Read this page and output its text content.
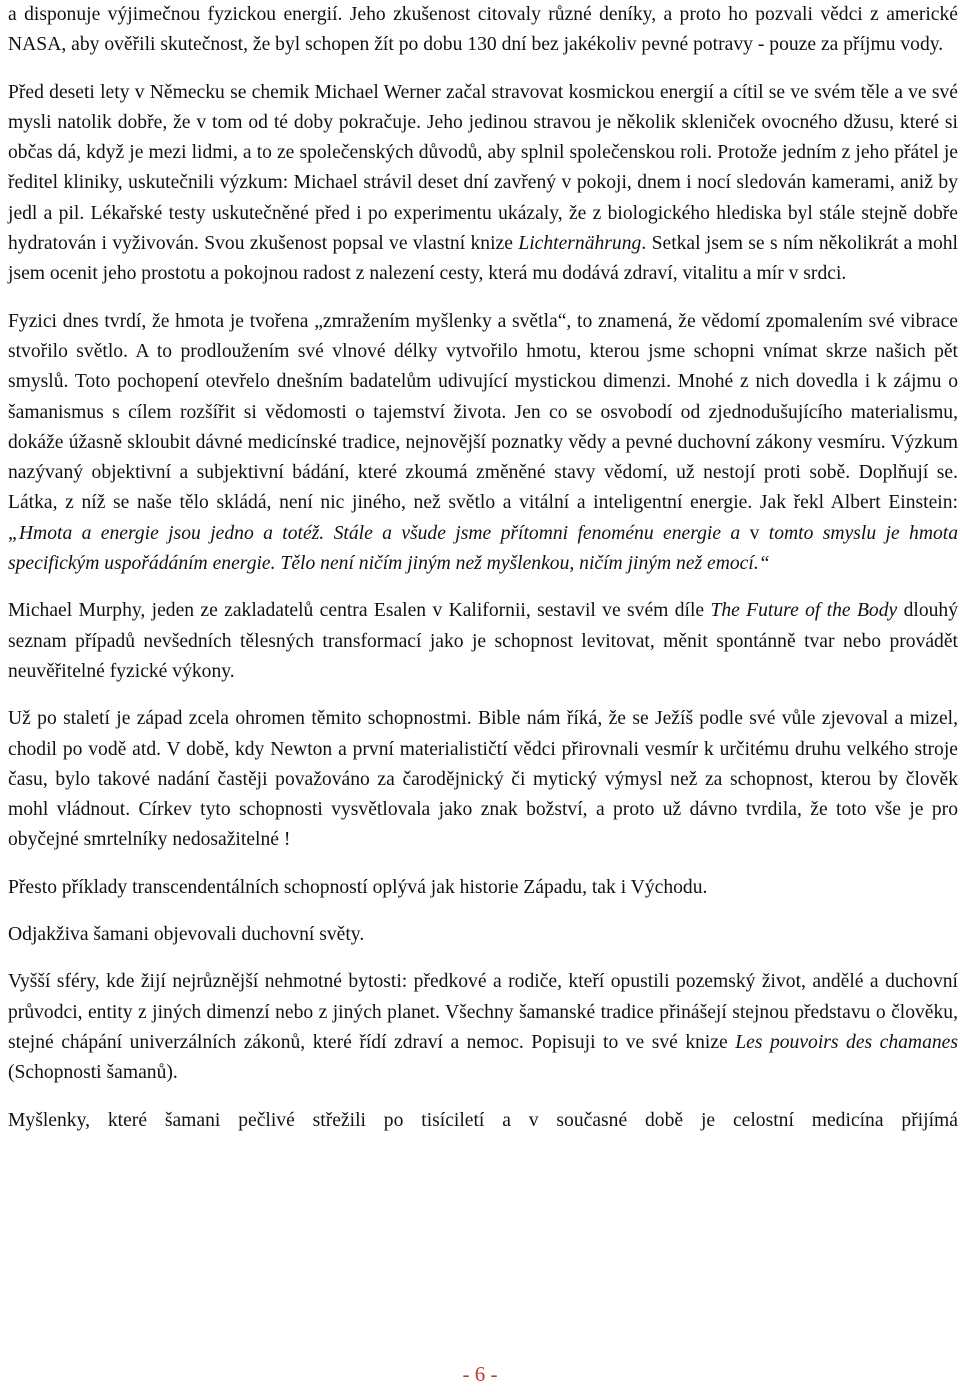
a disponuje výjimečnou fyzickou energií. Jeho zkušenost citovaly různé deníky, a proto ho pozvali vědci z americké NASA, aby ověřili skutečnost, že byl schopen žít po dobu 130 dní bez jakékoliv pevné potravy - pouze za příjmu vody.

Před deseti lety v Německu se chemik Michael Werner začal stravovat kosmickou energií a cítil se ve svém těle a ve své mysli natolik dobře, že v tom od té doby pokračuje. Jeho jedinou stravou je několik skleniček ovocného džusu, které si občas dá, když je mezi lidmi, a to ze společenských důvodů, aby splnil společenskou roli. Protože jedním z jeho přátel je ředitel kliniky, uskutečnili výzkum: Michael strávil deset dní zavřený v pokoji, dnem i nocí sledován kamerami, aniž by jedl a pil. Lékařské testy uskutečněné před i po experimentu ukázaly, že z biologického hlediska byl stále stejně dobře hydratován i vyživován. Svou zkušenost popsal ve vlastní knize Lichternährung. Setkal jsem se s ním několikrát a mohl jsem ocenit jeho prostotu a pokojnou radost z nalezení cesty, která mu dodává zdraví, vitalitu a mír v srdci.

Fyzici dnes tvrdí, že hmota je tvořena „zmražením myšlenky a světla“, to znamená, že vědomí zpomalením své vibrace stvořilo světlo. A to prodloužením své vlnové délky vytvořilo hmotu, kterou jsme schopni vnímat skrze našich pět smyslů. Toto pochopení otevřelo dnešním badatelům udivující mystickou dimenzi. Mnohé z nich dovedla i k zájmu o šamanismus s cílem rozšířit si vědomosti o tajemství života. Jen co se osvobodí od zjednodušujícího materialismu, dokáže úžasně skloubit dávné medicínské tradice, nejnovější poznatky vědy a pevné duchovní zákony vesmíru. Výzkum nazývaný objektivní a subjektivní bádání, které zkoumá změněné stavy vědomí, už nestojí proti sobě. Doplňují se. Látka, z níž se naše tělo skládá, není nic jiného, než světlo a vitální a inteligentní energie. Jak řekl Albert Einstein: „Hmota a energie jsou jedno a totéž. Stále a všude jsme přítomni fenoménu energie a v tomto smyslu je hmota specifickým uspořádáním energie. Tělo není ničím jiným než myšlenkou, ničím jiným než emocí.“

Michael Murphy, jeden ze zakladatelů centra Esalen v Kalifornii, sestavil ve svém díle The Future of the Body dlouhý seznam případů nevšedních tělesných transformací jako je schopnost levitovat, měnit spontánně tvar nebo provádět neuvěřitelné fyzické výkony.

Už po staletí je západ zcela ohromen těmito schopnostmi. Bible nám říká, že se Ježíš podle své vůle zjevoval a mizel, chodil po vodě atd. V době, kdy Newton a první materialističtí vědci přirovnali vesmír k určitému druhu velkého stroje času, bylo takové nadání častěji považováno za čarodějnický či mytický výmysl než za schopnost, kterou by člověk mohl vládnout. Církev tyto schopnosti vysvětlovala jako znak božství, a proto už dávno tvrdila, že toto vše je pro obyčejné smrtelníky nedosažitelné !

Přesto příklady transcendentálních schopností oplývá jak historie Západu, tak i Východu.

Odjakživa šamani objevovali duchovní světy.

Vyšší sféry, kde žijí nejrůznější nehmotné bytosti: předkové a rodiče, kteří opustili pozemský život, andělé a duchovní průvodci, entity z jiných dimenzí nebo z jiných planet. Všechny šamanské tradice přinášejí stejnou představu o člověku, stejné chápání univerzálních zákonů, které řídí zdraví a nemoc. Popisuji to ve své knize Les pouvoirs des chamanes (Schopnosti šamanů).

Myšlenky, které šamani pečlivé střežili po tisíciletí a v současné době je celostní medicína přijímá

- 6 -
